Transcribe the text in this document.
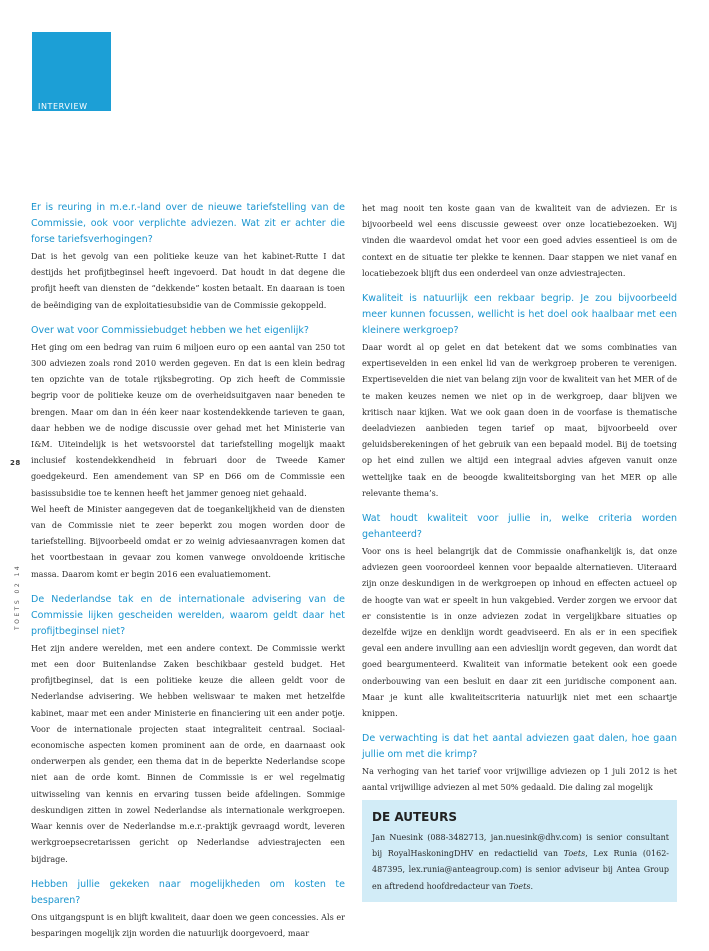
INTERVIEW
28
TOETS 02 14

Er is reuring in m.e.r.-land over de nieuwe tariefstelling van de Commissie, ook voor verplichte adviezen. Wat zit er achter die forse tariefsverhogingen?

Dat is het gevolg van een politieke keuze van het kabinet-Rutte I dat destijds het profijtbeginsel heeft ingevoerd. Dat houdt in dat degene die profijt heeft van diensten de “dekkende” kosten betaalt. En daaraan is toen de beëindiging van de exploitatiesubsidie van de Commissie gekoppeld.

Over wat voor Commissiebudget hebben we het eigenlijk?

Het ging om een bedrag van ruim 6 miljoen euro op een aantal van 250 tot 300 adviezen zoals rond 2010 werden gegeven. En dat is een klein bedrag ten opzichte van de totale rijksbegroting. Op zich heeft de Commissie begrip voor de politieke keuze om de overheidsuitgaven naar beneden te brengen. Maar om dan in één keer naar kostendekkende tarieven te gaan, daar hebben we de nodige discussie over gehad met het Ministerie van I&M. Uiteindelijk is het wetsvoorstel dat tariefstelling mogelijk maakt inclusief kostendekkendheid in februari door de Tweede Kamer goedgekeurd. Een amendement van SP en D66 om de Commissie een basissubsidie toe te kennen heeft het jammer genoeg niet gehaald.

Wel heeft de Minister aangegeven dat de toegankelijkheid van de diensten van de Commissie niet te zeer beperkt zou mogen worden door de tariefstelling. Bijvoorbeeld omdat er zo weinig adviesaanvragen komen dat het voortbestaan in gevaar zou komen vanwege onvoldoende kritische massa. Daarom komt er begin 2016 een evaluatiemoment.

De Nederlandse tak en de internationale advisering van de Commissie lijken gescheiden werelden, waarom geldt daar het profijtbeginsel niet?

Het zijn andere werelden, met een andere context. De Commissie werkt met een door Buitenlandse Zaken beschikbaar gesteld budget. Het profijtbeginsel, dat is een politieke keuze die alleen geldt voor de Nederlandse advisering. We hebben weliswaar te maken met hetzelfde kabinet, maar met een ander Ministerie en financiering uit een ander potje. Voor de internationale projecten staat integraliteit centraal. Sociaal-economische aspecten komen prominent aan de orde, en daarnaast ook onderwerpen als gender, een thema dat in de beperkte Nederlandse scope niet aan de orde komt. Binnen de Commissie is er wel regelmatig uitwisseling van kennis en ervaring tussen beide afdelingen. Sommige deskundigen zitten in zowel Nederlandse als internationale werkgroepen. Waar kennis over de Nederlandse m.e.r.-praktijk gevraagd wordt, leveren werkgroepsecretarissen gericht op Nederlandse adviestrajecten een bijdrage.

Hebben jullie gekeken naar mogelijkheden om kosten te besparen?

Ons uitgangspunt is en blijft kwaliteit, daar doen we geen concessies. Als er besparingen mogelijk zijn worden die natuurlijk doorgevoerd, maar

het mag nooit ten koste gaan van de kwaliteit van de adviezen. Er is bijvoorbeeld wel eens discussie geweest over onze locatiebezoeken. Wij vinden die waardevol omdat het voor een goed advies essentieel is om de context en de situatie ter plekke te kennen. Daar stappen we niet vanaf en locatiebezoek blijft dus een onderdeel van onze adviestrajecten.

Kwaliteit is natuurlijk een rekbaar begrip. Je zou bijvoorbeeld meer kunnen focussen, wellicht is het doel ook haalbaar met een kleinere werkgroep?

Daar wordt al op gelet en dat betekent dat we soms combinaties van expertisevelden in een enkel lid van de werkgroep proberen te verenigen. Expertisevelden die niet van belang zijn voor de kwaliteit van het MER of de te maken keuzes nemen we niet op in de werkgroep, daar blijven we kritisch naar kijken. Wat we ook gaan doen in de voorfase is thematische deeladviezen aanbieden tegen tarief op maat, bijvoorbeeld over geluidsberekeningen of het gebruik van een bepaald model. Bij de toetsing op het eind zullen we altijd een integraal advies afgeven vanuit onze wettelijke taak en de beoogde kwaliteitsborging van het MER op alle relevante thema’s.

Wat houdt kwaliteit voor jullie in, welke criteria worden gehanteerd?

Voor ons is heel belangrijk dat de Commissie onafhankelijk is, dat onze adviezen geen vooroordeel kennen voor bepaalde alternatieven. Uiteraard zijn onze deskundigen in de werkgroepen op inhoud en effecten actueel op de hoogte van wat er speelt in hun vakgebied. Verder zorgen we ervoor dat er consistentie is in onze adviezen zodat in vergelijkbare situaties op dezelfde wijze en denklijn wordt geadviseerd. En als er in een specifiek geval een andere invulling aan een advieslijn wordt gegeven, dan wordt dat goed beargumenteerd. Kwaliteit van informatie betekent ook een goede onderbouwing van een besluit en daar zit een juridische component aan. Maar je kunt alle kwaliteitscriteria natuurlijk niet met een schaartje knippen.

De verwachting is dat het aantal adviezen gaat dalen, hoe gaan jullie om met die krimp?

Na verhoging van het tarief voor vrijwillige adviezen op 1 juli 2012 is het aantal vrijwillige adviezen al met 50% gedaald. Die daling zal mogelijk

DE AUTEURS

Jan Nuesink (088-3482713, jan.nuesink@dhv.com) is senior consultant bij RoyalHaskoningDHV en redactielid van Toets, Lex Runia (0162-487395, lex.runia@anteagroup.com) is senior adviseur bij Antea Group en aftredend hoofdredacteur van Toets.
